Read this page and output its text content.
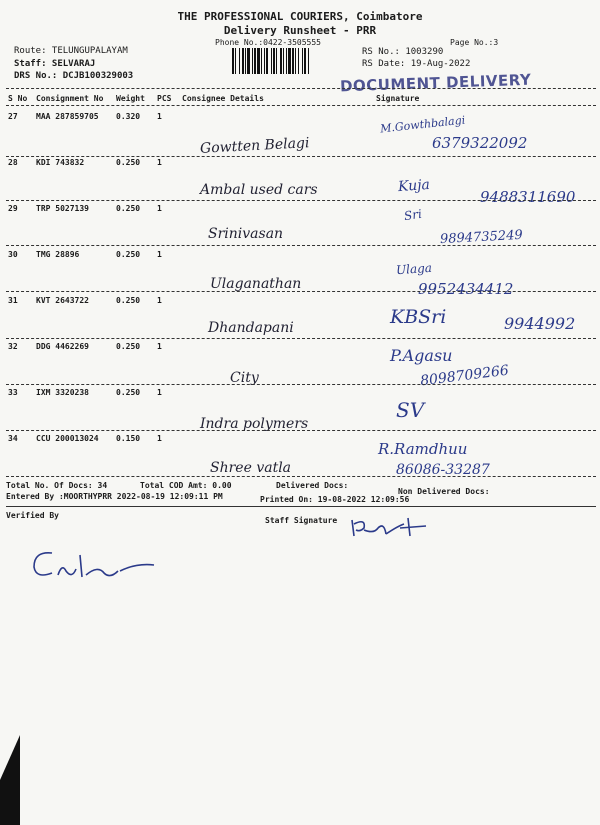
THE PROFESSIONAL COURIERS, Coimbatore
Delivery Runsheet - PRR
Phone No.:0422-3505555	Page No.:3
Route: TELUNGUPALAYAM
Staff: SELVARAJ
DRS No.: DCJB100329003
RS No.: 1003290
RS Date: 19-Aug-2022
DOCUMENT DELIVERY
S No Consignment No Weight PCS Consignee Details	Signature
27 MAA 287859705 0.320 1
Gowtten Belagi
M.Gowthbalagi
6379322092
28 KDI 743832	0.250 1
Ambal used cars	Kuja
9488311690
29 TRP 5027139	0.250 1
Srinivasan
Sri
9894735249
30 TMG 28896	0.250 1
Ulaganathan
Ulaga
9952434412
31 KVT 2643722	0.250 1
Dhandapani	KBSri	9944992
32 DDG 4462269	0.250 1
City
P.Agasu
8098709266
33 IXM 3320238	0.250 1
Indra polymers
SV
34 CCU 200013024 0.150 1
Shree vatla
R.Ramdhuu
86086-33287
Total No. Of Docs: 34	Total COD Amt: 0.00	Delivered Docs:
Non Delivered Docs:
Entered By :MOORTHYPRR 2022-08-19 12:09:11 PM	Printed On: 19-08-2022 12:09:56
Verified By
Staff Signature
